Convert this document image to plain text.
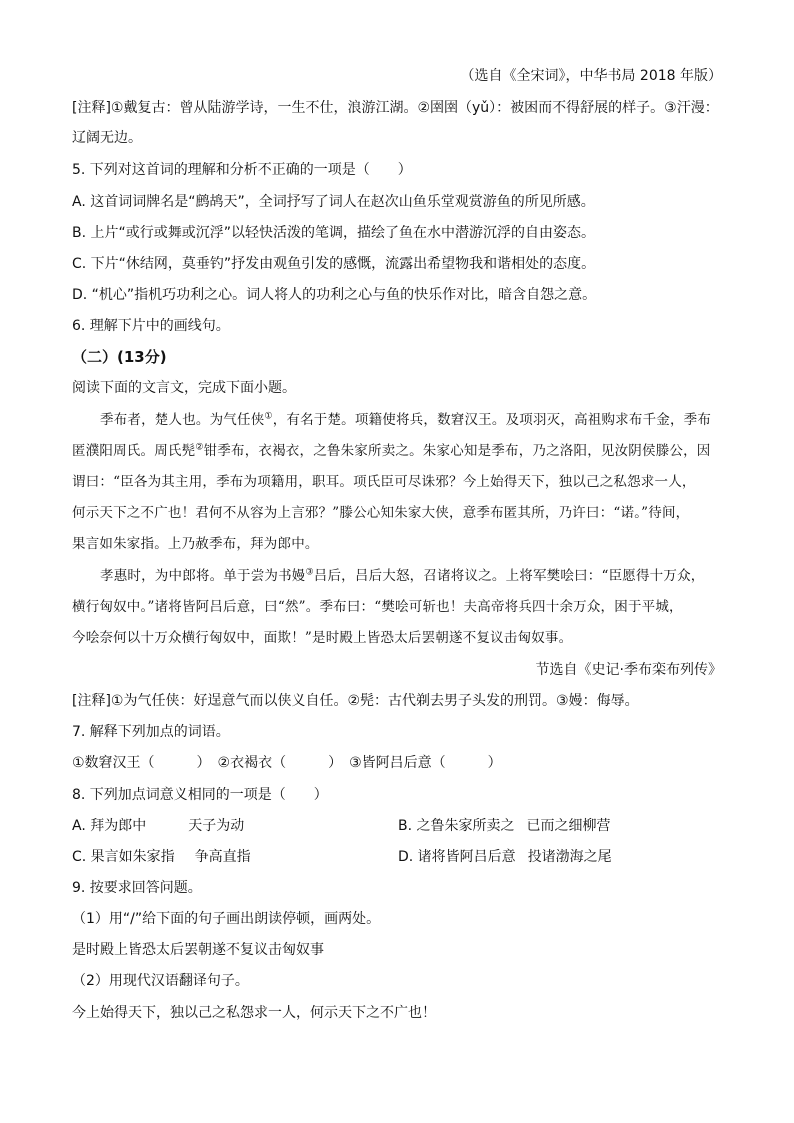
（选自《全宋词》，中华书局 2018 年版）
[注释]①戴复古：曾从陆游学诗，一生不仕，浪游江湖。②圉圉（yǔ）：被困而不得舒展的样子。③汗漫：
辽阔无边。
5. 下列对这首词的理解和分析不正确的一项是（　　）
A. 这首词词牌名是“鹧鸪天”，全词抒写了词人在赵次山鱼乐堂观赏游鱼的所见所感。
B. 上片“或行或舞或沉浮”以轻快活泼的笔调，描绘了鱼在水中潜游沉浮的自由姿态。
C. 下片“休结网，莫垂钓”抒发由观鱼引发的感慨，流露出希望物我和谐相处的态度。
D. “机心”指机巧功利之心。词人将人的功利之心与鱼的快乐作对比，暗含自怨之意。
6. 理解下片中的画线句。
（二）(13分)
阅读下面的文言文，完成下面小题。
季布者，楚人也。为气任侠①，有名于楚。项籍使将兵，数窘汉王。及项羽灭，高祖购求布千金，季布
匿濮阳周氏。周氏髡②钳季布，衣褐衣，之鲁朱家所卖之。朱家心知是季布，乃之洛阳，见汝阴侯滕公，因
谓曰：“臣各为其主用，季布为项籍用，职耳。项氏臣可尽诛邪？今上始得天下，独以己之私怨求一人，
何示天下之不广也！君何不从容为上言邪？”滕公心知朱家大侠，意季布匿其所，乃许曰：“诺。”待间，
果言如朱家指。上乃赦季布，拜为郎中。
孝惠时，为中郎将。单于尝为书嫚③吕后，吕后大怒，召诸将议之。上将军樊哙曰：“臣愿得十万众，
横行匈奴中。”诸将皆阿吕后意，曰“然”。季布曰：“樊哙可斩也！夫高帝将兵四十余万众，困于平城，
今哙奈何以十万众横行匈奴中，面欺！”是时殿上皆恐太后罢朝遂不复议击匈奴事。
节选自《史记·季布栾布列传》
[注释]①为气任侠：好逞意气而以侠义自任。②髡：古代剃去男子头发的刑罚。③嫚：侮辱。
7. 解释下列加点的词语。
①数窘汉王（　　　）　②衣褐衣（　　　）　③皆阿吕后意（　　　）
8. 下列加点词意义相同的一项是（　　）
A. 拜为郎中	天子为动	B. 之鲁朱家所卖之 已而之细柳营
C. 果言如朱家指 争高直指	D. 诸将皆阿吕后意 投诸渤海之尾
9. 按要求回答问题。
（1）用“/”给下面的句子画出朗读停顿，画两处。
是时殿上皆恐太后罢朝遂不复议击匈奴事
（2）用现代汉语翻译句子。
今上始得天下，独以己之私怨求一人，何示天下之不广也！
